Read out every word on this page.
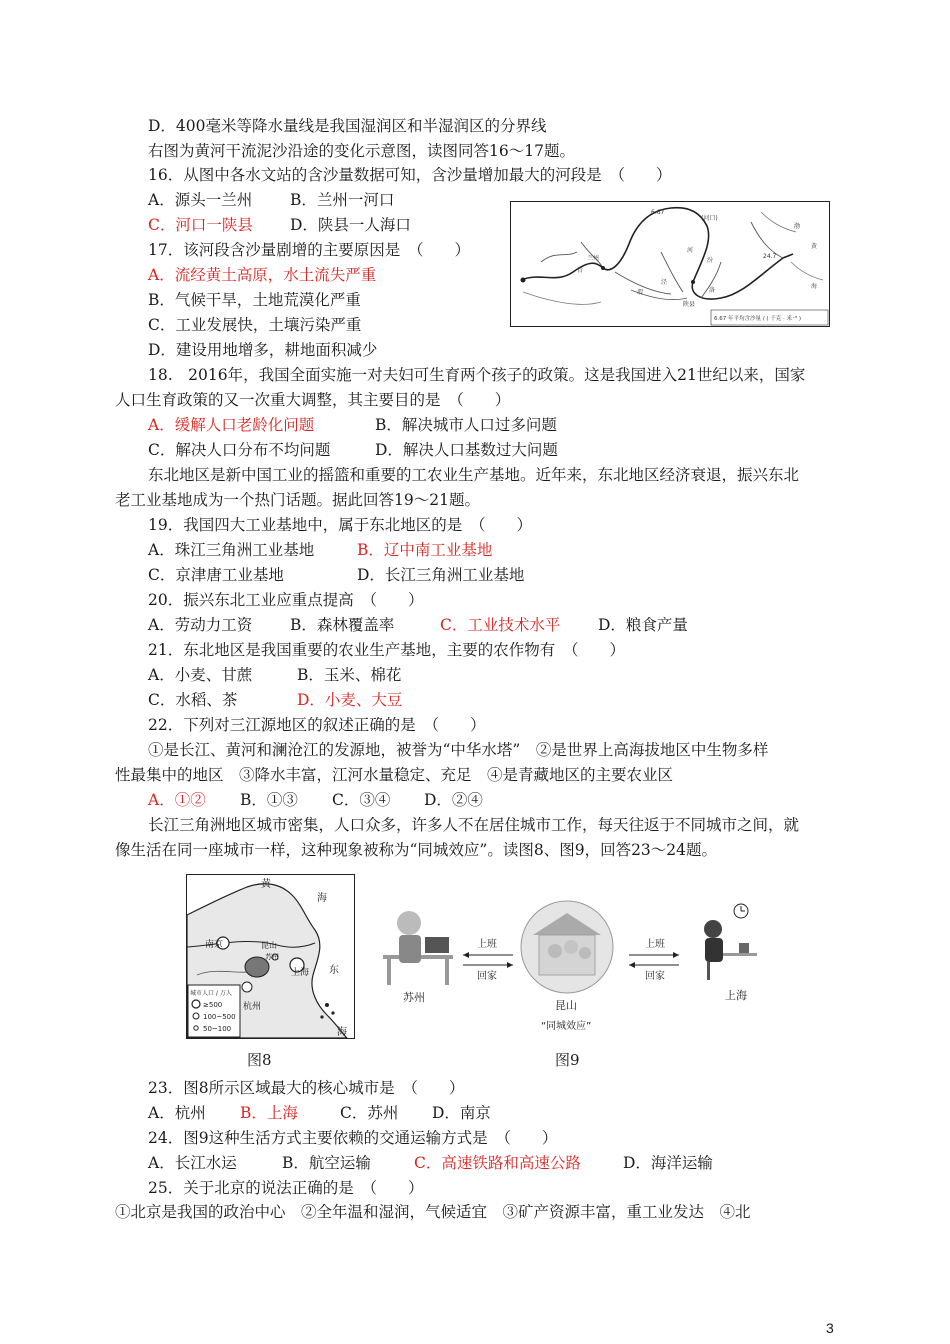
D．400毫米等降水量线是我国湿润区和半湿润区的分界线
右图为黄河干流泥沙沿途的变化示意图，读图同答16～17题。
16．从图中各水文站的含沙量数据可知，含沙量增加最大的河段是　（　　）
A．源头一兰州 B．兰州一河口
C．河口一陕县 D．陕县一人海口
17．该河段含沙量剧增的主要原因是　（　　）
A．流经黄土高原，水土流失严重
B．气候干旱，土地荒漠化严重
C．工业发展快，土壤污染严重
D．建设用地增多，耕地面积减少
6.67
(河口)
24.7
兰州
陕县
泾
渭
汾
洛
河
青
渤
黄
海
6.67 年平均含沙量 / ( 千克 · 米⁻³ )
18.　2016年，我国全面实施一对夫妇可生育两个孩子的政策。这是我国进入21世纪以来，国家
人口生育政策的又一次重大调整，其主要目的是　（　　）
A．缓解人口老龄化问题	B．解决城市人口过多问题
C．解决人口分布不均问题	D．解决人口基数过大问题
东北地区是新中国工业的摇篮和重要的工农业生产基地。近年来，东北地区经济衰退，振兴东北
老工业基地成为一个热门话题。据此回答19～21题。
19．我国四大工业基地中，属于东北地区的是　（　　）
A．珠江三角洲工业基地	B．辽中南工业基地
C．京津唐工业基地	D．长江三角洲工业基地
20．振兴东北工业应重点提高　（　　）
A．劳动力工资 B．森林覆盖率	C．工业技术水平 D．粮食产量
21．东北地区是我国重要的农业生产基地，主要的农作物有　（　　）
A．小麦、甘蔗	B．玉米、棉花
C．水稻、茶	D．小麦、大豆
22．下列对三江源地区的叙述正确的是　（　　）
①是长江、黄河和澜沧江的发源地，被誉为“中华水塔”　②是世界上高海拔地区中生物多样
性最集中的地区　③降水丰富，江河水量稳定、充足　④是青藏地区的主要农业区
A．①② B．①③ C．③④ D．②④
长江三角洲地区城市密集，人口众多，许多人不在居住城市工作，每天往返于不同城市之间，就
像生活在同一座城市一样，这种现象被称为“同城效应”。读图8、图9，回答23～24题。
黄
海
南京	昆山
苏州
上海 东
杭州
海
城市人口 / 万人
≥500
100~500
50~100
图8
苏州
上班
回家
昆山
“同城效应”
上班
回家
上海
图9
23．图8所示区域最大的核心城市是　（　　）
A．杭州 B．上海	C．苏州 D．南京
24．图9这种生活方式主要依赖的交通运输方式是　（　　）
A．长江水运	B．航空运输	C．高速铁路和高速公路	D．海洋运输
25．关于北京的说法正确的是　（　　）
①北京是我国的政治中心　②全年温和湿润，气候适宜　③矿产资源丰富，重工业发达　④北
3
